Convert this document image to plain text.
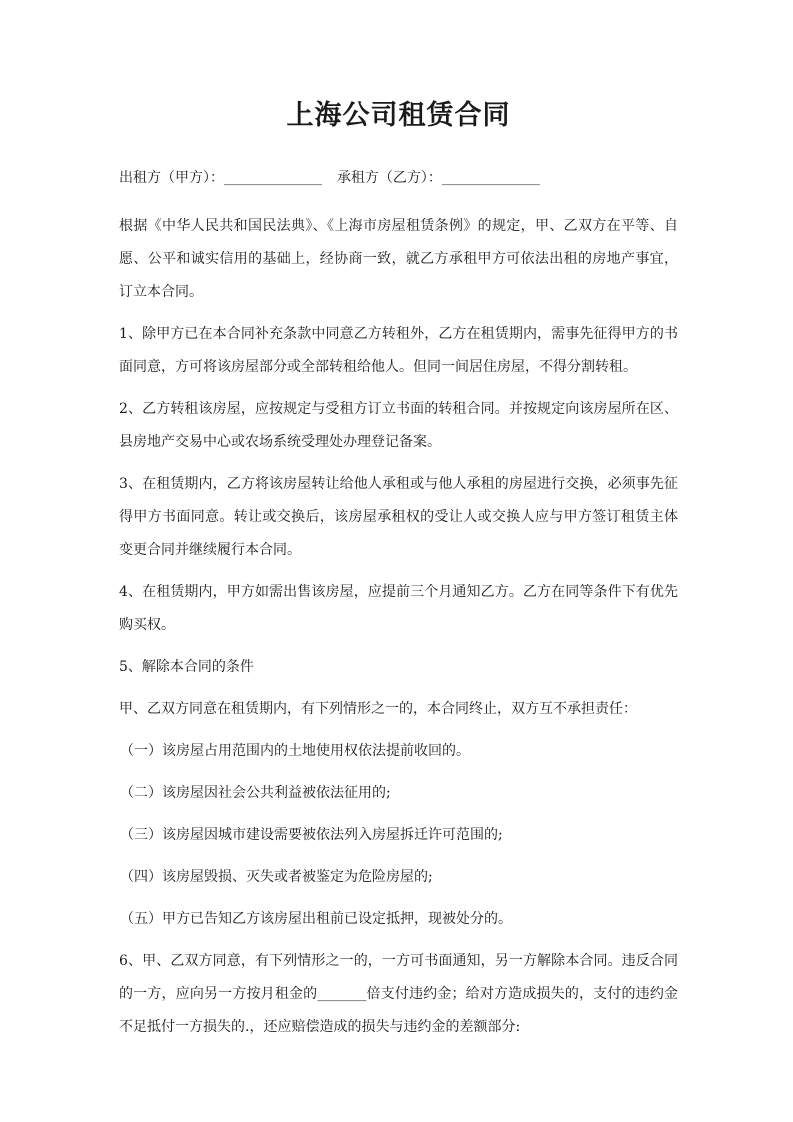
上海公司租赁合同
出租方（甲方）：______________ 承租方（乙方）：______________

根据《中华人民共和国民法典》、《上海市房屋租赁条例》的规定，甲、乙双方在平等、自愿、公平和诚实信用的基础上，经协商一致，就乙方承租甲方可依法出租的房地产事宜，订立本合同。

1、除甲方已在本合同补充条款中同意乙方转租外，乙方在租赁期内，需事先征得甲方的书面同意，方可将该房屋部分或全部转租给他人。但同一间居住房屋，不得分割转租。

2、乙方转租该房屋，应按规定与受租方订立书面的转租合同。并按规定向该房屋所在区、县房地产交易中心或农场系统受理处办理登记备案。

3、在租赁期内，乙方将该房屋转让给他人承租或与他人承租的房屋进行交换，必须事先征得甲方书面同意。转让或交换后，该房屋承租权的受让人或交换人应与甲方签订租赁主体变更合同并继续履行本合同。

4、在租赁期内，甲方如需出售该房屋，应提前三个月通知乙方。乙方在同等条件下有优先购买权。

5、解除本合同的条件

甲、乙双方同意在租赁期内，有下列情形之一的，本合同终止，双方互不承担责任：

（一）该房屋占用范围内的土地使用权依法提前收回的。

（二）该房屋因社会公共利益被依法征用的;

（三）该房屋因城市建设需要被依法列入房屋拆迁许可范围的;

（四）该房屋毁损、灭失或者被鉴定为危险房屋的;

（五）甲方已告知乙方该房屋出租前已设定抵押，现被处分的。

6、甲、乙双方同意，有下列情形之一的，一方可书面通知，另一方解除本合同。违反合同的一方，应向另一方按月租金的_______倍支付违约金；给对方造成损失的，支付的违约金不足抵付一方损失的.，还应赔偿造成的损失与违约金的差额部分:
